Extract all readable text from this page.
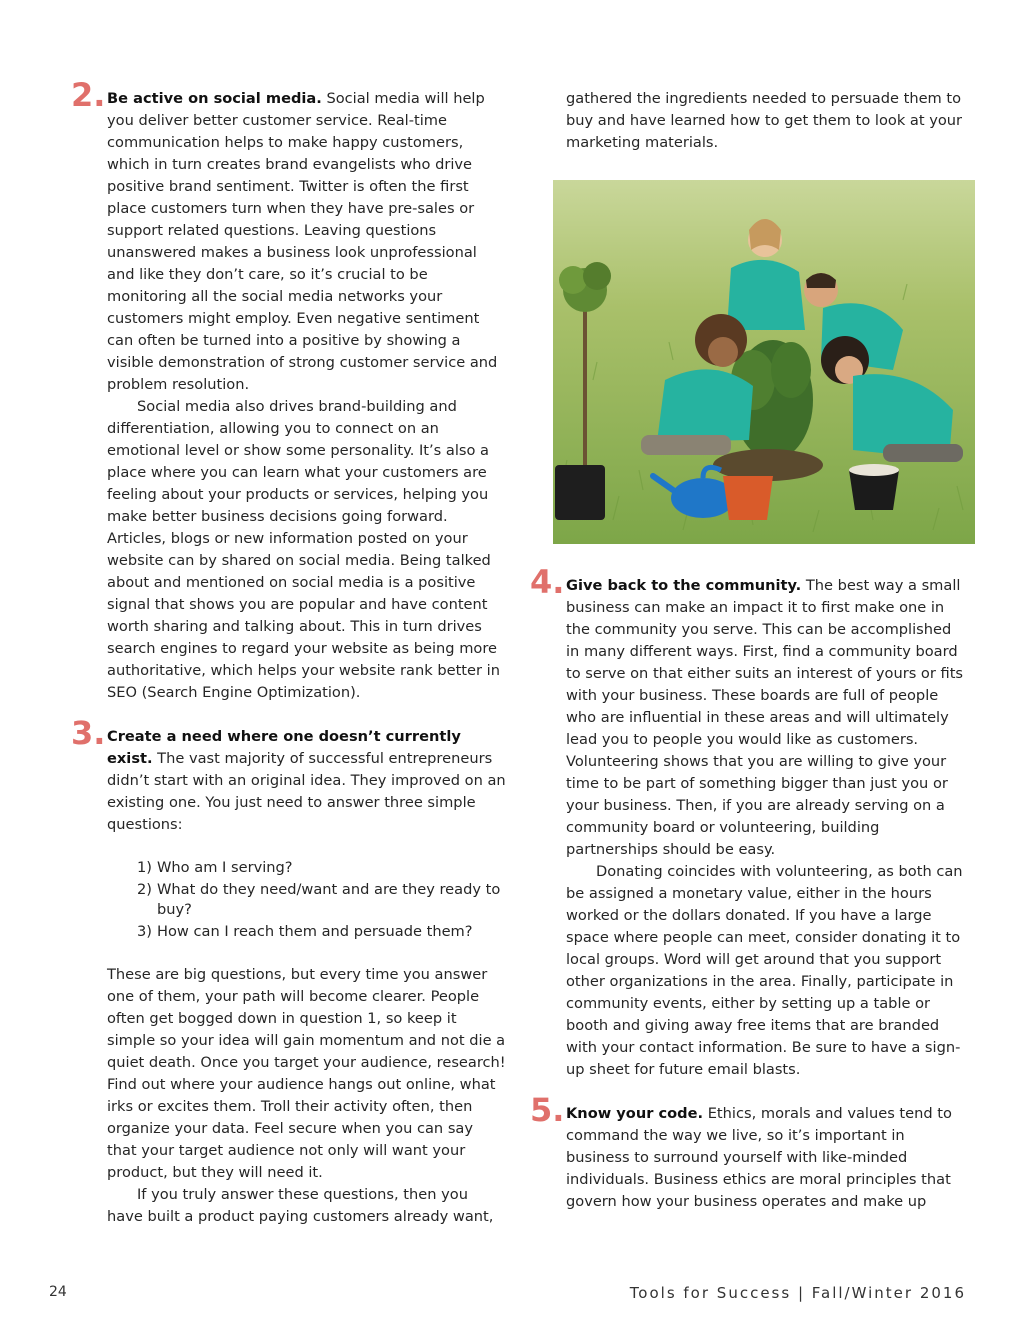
2. Be active on social media. Social media will help you deliver better customer service. Real-time communication helps to make happy customers, which in turn creates brand evangelists who drive positive brand sentiment. Twitter is often the first place customers turn when they have pre-sales or support related questions. Leaving questions unanswered makes a business look unprofessional and like they don’t care, so it’s crucial to be monitoring all the social media networks your customers might employ. Even negative sentiment can often be turned into a positive by showing a visible demonstration of strong customer service and problem resolution.

Social media also drives brand-building and differentiation, allowing you to connect on an emotional level or show some personality. It’s also a place where you can learn what your customers are feeling about your products or services, helping you make better business decisions going forward. Articles, blogs or new information posted on your website can by shared on social media. Being talked about and mentioned on social media is a positive signal that shows you are popular and have content worth sharing and talking about. This in turn drives search engines to regard your website as being more authoritative, which helps your website rank better in SEO (Search Engine Optimization).

3. Create a need where one doesn’t currently exist. The vast majority of successful entrepreneurs didn’t start with an original idea. They improved on an existing one. You just need to answer three simple questions:

1) Who am I serving?
2) What do they need/want and are they ready to buy?
3) How can I reach them and persuade them?

These are big questions, but every time you answer one of them, your path will become clearer. People often get bogged down in question 1, so keep it simple so your idea will gain momentum and not die a quiet death. Once you target your audience, research! Find out where your audience hangs out online, what irks or excites them. Troll their activity often, then organize your data. Feel secure when you can say that your target audience not only will want your product, but they will need it.

If you truly answer these questions, then you have built a product paying customers already want,

gathered the ingredients needed to persuade them to buy and have learned how to get them to look at your marketing materials.

4. Give back to the community. The best way a small business can make an impact it to first make one in the community you serve. This can be accomplished in many different ways. First, find a community board to serve on that either suits an interest of yours or fits with your business. These boards are full of people who are influential in these areas and will ultimately lead you to people you would like as customers. Volunteering shows that you are willing to give your time to be part of something bigger than just you or your business. Then, if you are already serving on a community board or volunteering, building partnerships should be easy.

Donating coincides with volunteering, as both can be assigned a monetary value, either in the hours worked or the dollars donated. If you have a large space where people can meet, consider donating it to local groups. Word will get around that you support other organizations in the area. Finally, participate in community events, either by setting up a table or booth and giving away free items that are branded with your contact information. Be sure to have a sign-up sheet for future email blasts.

5. Know your code. Ethics, morals and values tend to command the way we live, so it’s important in business to surround yourself with like-minded individuals. Business ethics are moral principles that govern how your business operates and make up

24	Tools for Success | Fall/Winter 2016
